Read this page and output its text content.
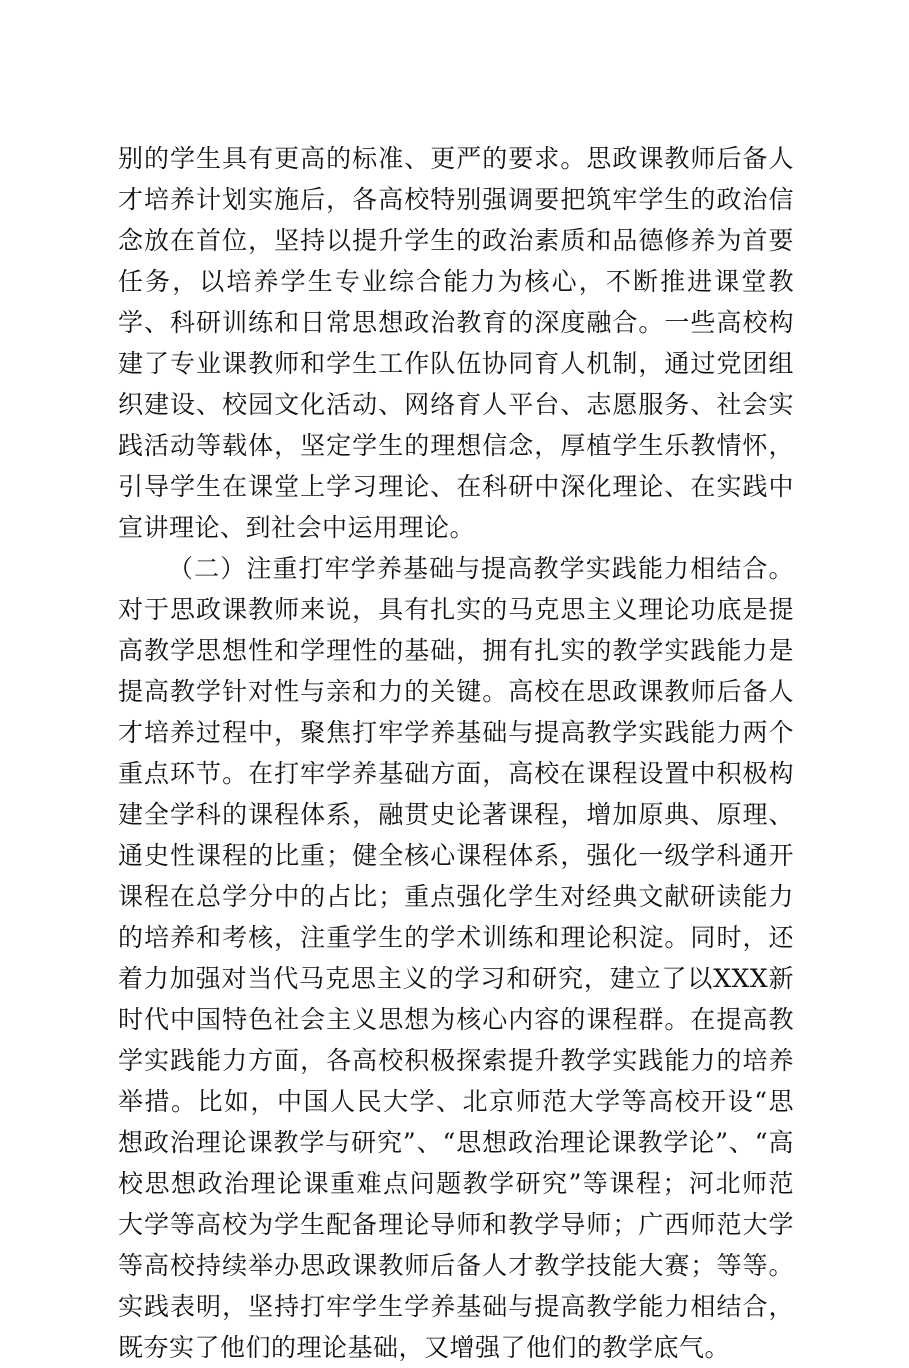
别的学生具有更高的标准、更严的要求。思政课教师后备人才培养计划实施后，各高校特别强调要把筑牢学生的政治信念放在首位，坚持以提升学生的政治素质和品德修养为首要任务，以培养学生专业综合能力为核心，不断推进课堂教学、科研训练和日常思想政治教育的深度融合。一些高校构建了专业课教师和学生工作队伍协同育人机制，通过党团组织建设、校园文化活动、网络育人平台、志愿服务、社会实践活动等载体，坚定学生的理想信念，厚植学生乐教情怀，引导学生在课堂上学习理论、在科研中深化理论、在实践中宣讲理论、到社会中运用理论。

（二）注重打牢学养基础与提高教学实践能力相结合。对于思政课教师来说，具有扎实的马克思主义理论功底是提高教学思想性和学理性的基础，拥有扎实的教学实践能力是提高教学针对性与亲和力的关键。高校在思政课教师后备人才培养过程中，聚焦打牢学养基础与提高教学实践能力两个重点环节。在打牢学养基础方面，高校在课程设置中积极构建全学科的课程体系，融贯史论著课程，增加原典、原理、通史性课程的比重；健全核心课程体系，强化一级学科通开课程在总学分中的占比；重点强化学生对经典文献研读能力的培养和考核，注重学生的学术训练和理论积淀。同时，还着力加强对当代马克思主义的学习和研究，建立了以XXX新时代中国特色社会主义思想为核心内容的课程群。在提高教学实践能力方面，各高校积极探索提升教学实践能力的培养举措。比如，中国人民大学、北京师范大学等高校开设“思想政治理论课教学与研究”、“思想政治理论课教学论”、“高校思想政治理论课重难点问题教学研究”等课程；河北师范大学等高校为学生配备理论导师和教学导师；广西师范大学等高校持续举办思政课教师后备人才教学技能大赛；等等。实践表明，坚持打牢学生学养基础与提高教学能力相结合，既夯实了他们的理论基础，又增强了他们的教学底气。
